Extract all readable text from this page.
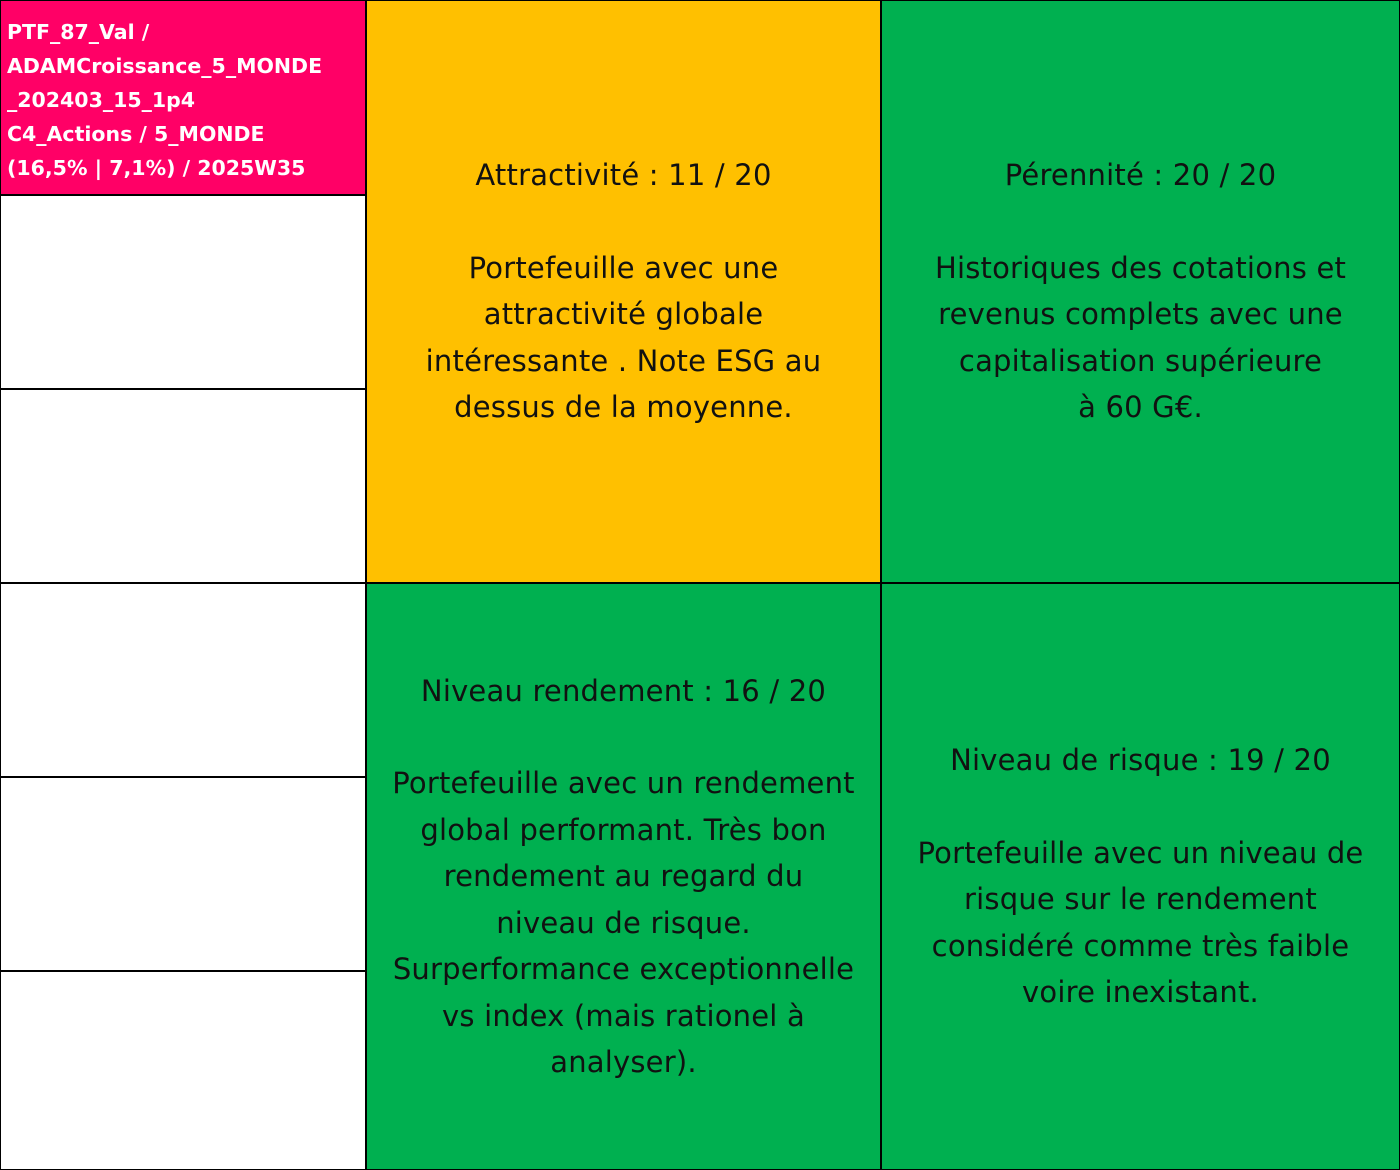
PTF_87_Val /
ADAMCroissance_5_MONDE
_202403_15_1p4
C4_Actions / 5_MONDE
(16,5% | 7,1%) / 2025W35	Attractivité : 11 / 20
Portefeuille avec une
attractivité globale
intéressante . Note ESG au
dessus de la moyenne.
Pérennité : 20 / 20
Historiques des cotations et
revenus complets avec une
capitalisation supérieure
à 60 G€.
Niveau rendement : 16 / 20
Portefeuille avec un rendement
global performant. Très bon
rendement au regard du
niveau de risque.
Surperformance exceptionnelle
vs index (mais rationel à
analyser).
Niveau de risque : 19 / 20
Portefeuille avec un niveau de
risque sur le rendement
considéré comme très faible
voire inexistant.
